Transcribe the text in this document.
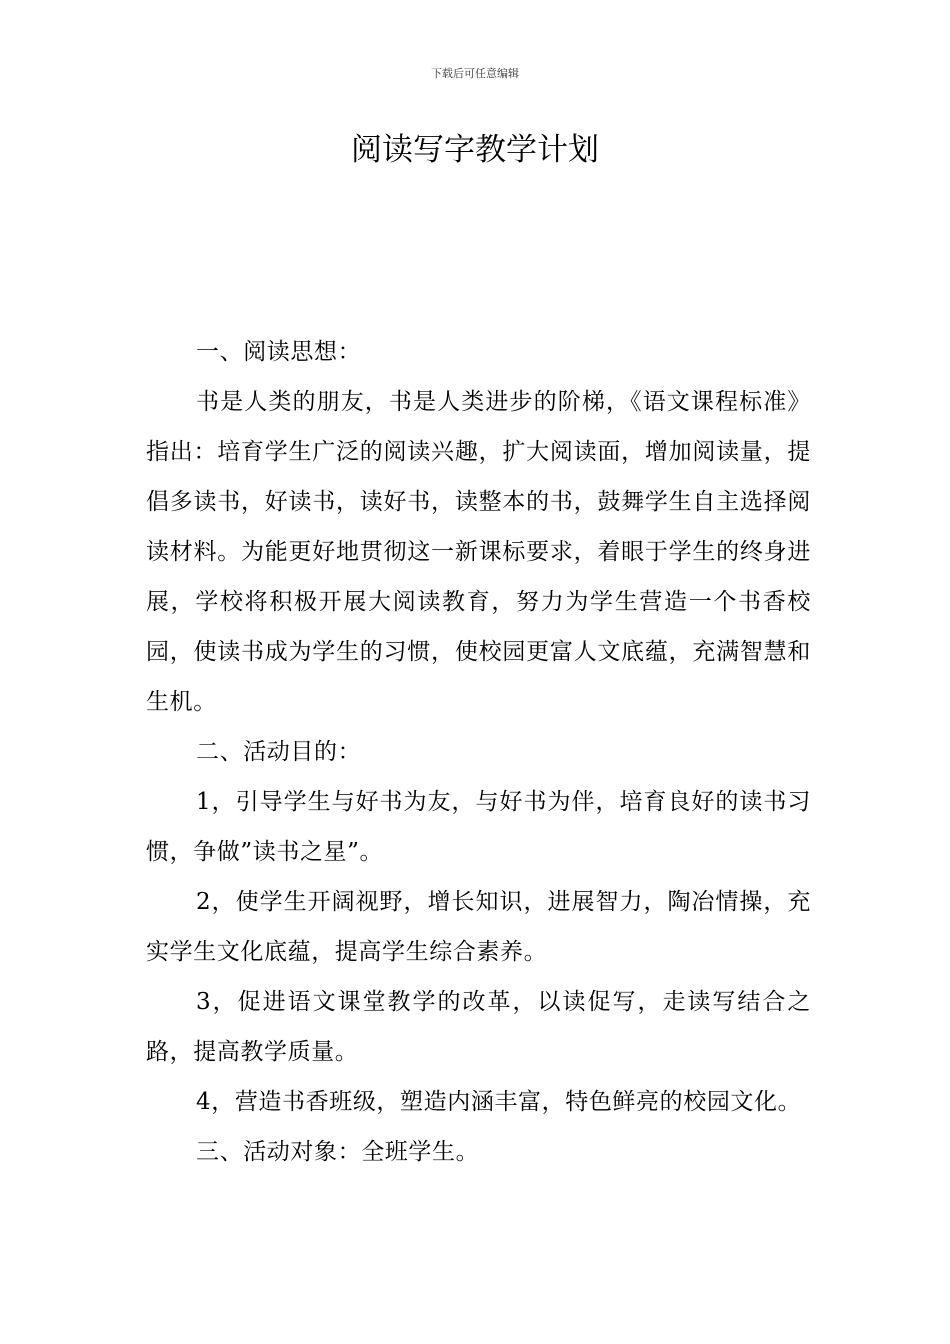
下载后可任意编辑
阅读写字教学计划

一、阅读思想：

书是人类的朋友，书是人类进步的阶梯，《语文课程标准》指出：培育学生广泛的阅读兴趣，扩大阅读面，增加阅读量，提倡多读书，好读书，读好书，读整本的书，鼓舞学生自主选择阅读材料。为能更好地贯彻这一新课标要求，着眼于学生的终身进展，学校将积极开展大阅读教育，努力为学生营造一个书香校园，使读书成为学生的习惯，使校园更富人文底蕴，充满智慧和生机。

二、活动目的：

1，引导学生与好书为友，与好书为伴，培育良好的读书习惯，争做”读书之星”。

2，使学生开阔视野，增长知识，进展智力，陶冶情操，充实学生文化底蕴，提高学生综合素养。

3，促进语文课堂教学的改革，以读促写，走读写结合之路，提高教学质量。

4，营造书香班级，塑造内涵丰富，特色鲜亮的校园文化。

三、活动对象：全班学生。
